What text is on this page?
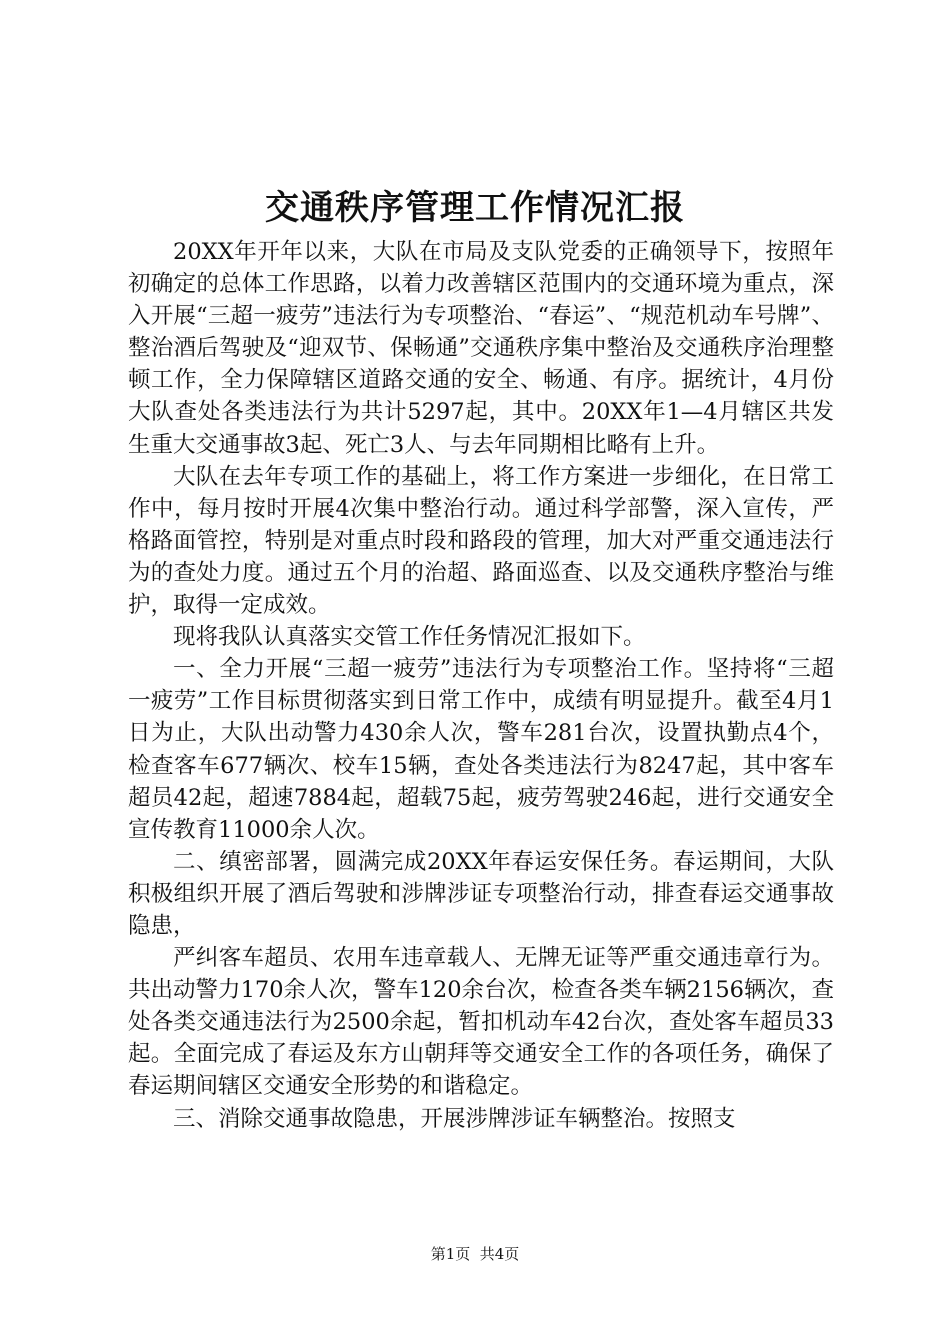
交通秩序管理工作情况汇报

20XX年开年以来，大队在市局及支队党委的正确领导下，按照年初确定的总体工作思路，以着力改善辖区范围内的交通环境为重点，深入开展“三超一疲劳”违法行为专项整治、“春运”、“规范机动车号牌”、整治酒后驾驶及“迎双节、保畅通”交通秩序集中整治及交通秩序治理整顿工作，全力保障辖区道路交通的安全、畅通、有序。据统计，4月份大队查处各类违法行为共计5297起，其中。20XX年1—4月辖区共发生重大交通事故3起、死亡3人、与去年同期相比略有上升。

大队在去年专项工作的基础上，将工作方案进一步细化，在日常工作中，每月按时开展4次集中整治行动。通过科学部警，深入宣传，严格路面管控，特别是对重点时段和路段的管理，加大对严重交通违法行为的查处力度。通过五个月的治超、路面巡查、以及交通秩序整治与维护，取得一定成效。

现将我队认真落实交管工作任务情况汇报如下。

一、全力开展“三超一疲劳”违法行为专项整治工作。坚持将“三超一疲劳”工作目标贯彻落实到日常工作中，成绩有明显提升。截至4月1日为止，大队出动警力430余人次，警车281台次，设置执勤点4个，检查客车677辆次、校车15辆，查处各类违法行为8247起，其中客车超员42起，超速7884起，超载75起，疲劳驾驶246起，进行交通安全宣传教育11000余人次。

二、缜密部署，圆满完成20XX年春运安保任务。春运期间，大队积极组织开展了酒后驾驶和涉牌涉证专项整治行动，排查春运交通事故隐患，

严纠客车超员、农用车违章载人、无牌无证等严重交通违章行为。共出动警力170余人次，警车120余台次，检查各类车辆2156辆次，查处各类交通违法行为2500余起，暂扣机动车42台次，查处客车超员33起。全面完成了春运及东方山朝拜等交通安全工作的各项任务，确保了春运期间辖区交通安全形势的和谐稳定。

三、消除交通事故隐患，开展涉牌涉证车辆整治。按照支

第1页  共4页
